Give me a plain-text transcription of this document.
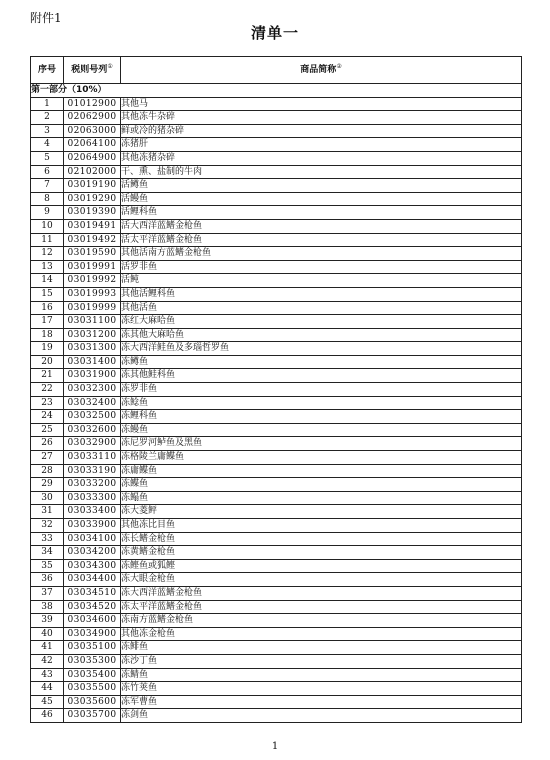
附件1
清单一
序号	税则号列①	商品简称②
第一部分（10%）		
1	01012900	其他马
2	02062900	其他冻牛杂碎
3	02063000	鲜或冷的猪杂碎
4	02064100	冻猪肝
5	02064900	其他冻猪杂碎
6	02102000	干、熏、盐制的牛肉
7	03019190	活鳟鱼
8	03019290	活鳗鱼
9	03019390	活鲤科鱼
10	03019491	活大西洋蓝鳍金枪鱼
11	03019492	活太平洋蓝鳍金枪鱼
12	03019590	其他活南方蓝鳍金枪鱼
13	03019991	活罗非鱼
14	03019992	活鲀
15	03019993	其他活鲤科鱼
16	03019999	其他活鱼
17	03031100	冻红大麻哈鱼
18	03031200	冻其他大麻哈鱼
19	03031300	冻大西洋鲑鱼及多瑙哲罗鱼
20	03031400	冻鳟鱼
21	03031900	冻其他鲑科鱼
22	03032300	冻罗非鱼
23	03032400	冻鲶鱼
24	03032500	冻鲤科鱼
25	03032600	冻鳗鱼
26	03032900	冻尼罗河鲈鱼及黑鱼
27	03033110	冻格陵兰庸鲽鱼
28	03033190	冻庸鲽鱼
29	03033200	冻鲽鱼
30	03033300	冻鳎鱼
31	03033400	冻大菱鲆
32	03033900	其他冻比目鱼
33	03034100	冻长鳍金枪鱼
34	03034200	冻黄鳍金枪鱼
35	03034300	冻鲣鱼或狐鲣
36	03034400	冻大眼金枪鱼
37	03034510	冻大西洋蓝鳍金枪鱼
38	03034520	冻太平洋蓝鳍金枪鱼
39	03034600	冻南方蓝鳍金枪鱼
40	03034900	其他冻金枪鱼
41	03035100	冻鲱鱼
42	03035300	冻沙丁鱼
43	03035400	冻鲭鱼
44	03035500	冻竹荚鱼
45	03035600	冻军曹鱼
46	03035700	冻剑鱼
1
